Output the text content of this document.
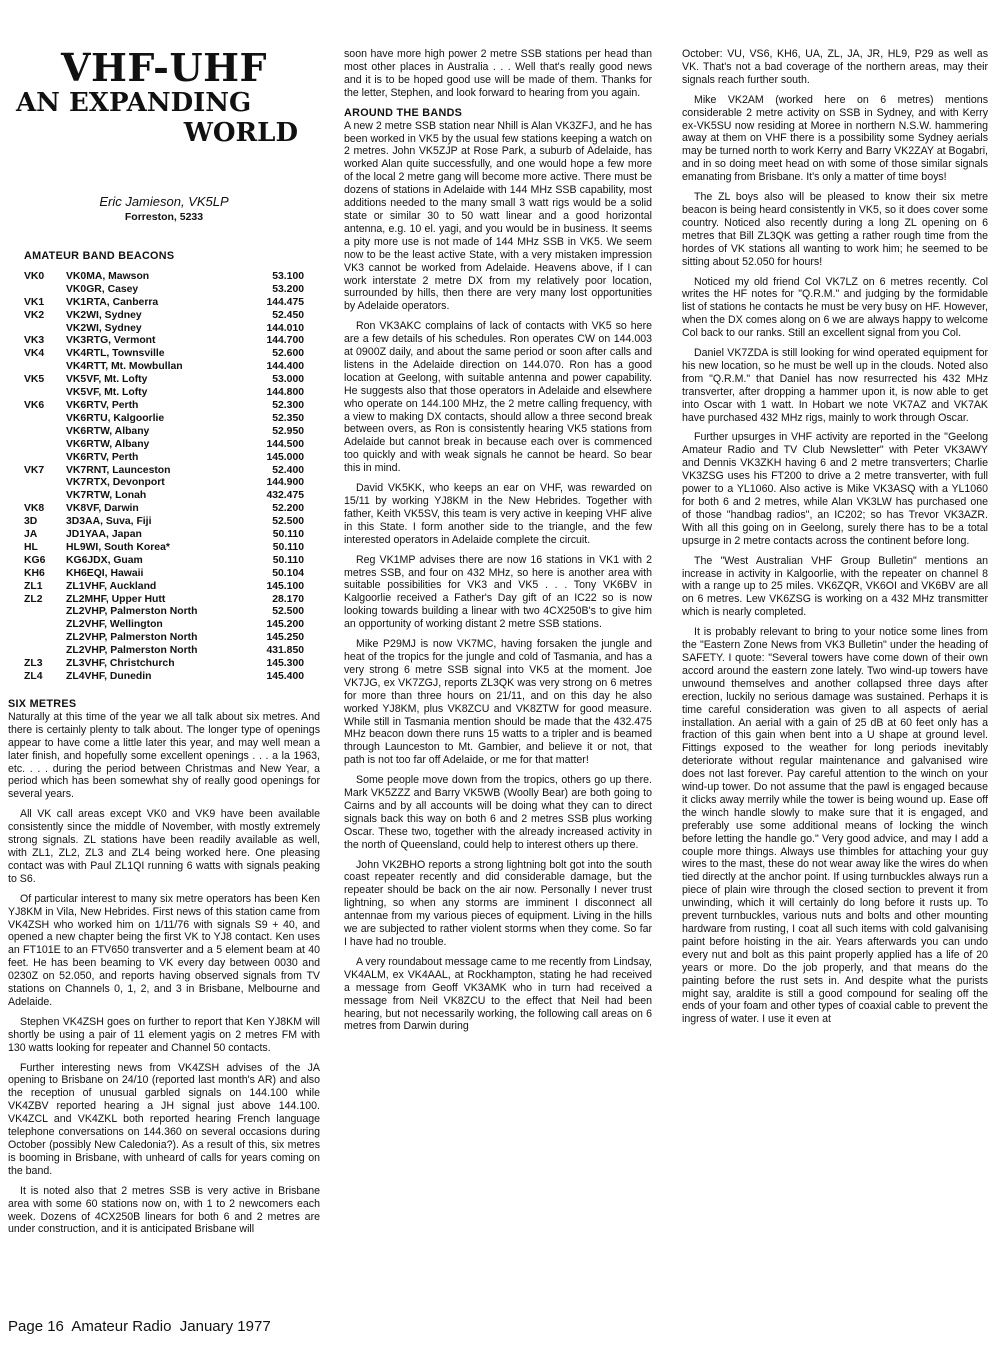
VHF-UHF
AN EXPANDING
WORLD
Eric Jamieson, VK5LP
Forreston, 5233
AMATEUR BAND BEACONS
VK0	VK0MA, Mawson	53.100
	VK0GR, Casey	53.200
VK1	VK1RTA, Canberra	144.475
VK2	VK2WI, Sydney	52.450
	VK2WI, Sydney	144.010
VK3	VK3RTG, Vermont	144.700
VK4	VK4RTL, Townsville	52.600
	VK4RTT, Mt. Mowbullan	144.400
VK5	VK5VF, Mt. Lofty	53.000
	VK5VF, Mt. Lofty	144.800
VK6	VK6RTV, Perth	52.300
	VK6RTU, Kalgoorlie	52.350
	VK6RTW, Albany	52.950
	VK6RTW, Albany	144.500
	VK6RTV, Perth	145.000
VK7	VK7RNT, Launceston	52.400
	VK7RTX, Devonport	144.900
	VK7RTW, Lonah	432.475
VK8	VK8VF, Darwin	52.200
3D	3D3AA, Suva, Fiji	52.500
JA	JD1YAA, Japan	50.110
HL	HL9WI, South Korea*	50.110
KG6	KG6JDX, Guam	50.110
KH6	KH6EQI, Hawaii	50.104
ZL1	ZL1VHF, Auckland	145.100
ZL2	ZL2MHF, Upper Hutt	28.170
	ZL2VHP, Palmerston North	52.500
	ZL2VHF, Wellington	145.200
	ZL2VHP, Palmerston North	145.250
	ZL2VHP, Palmerston North	431.850
ZL3	ZL3VHF, Christchurch	145.300
ZL4	ZL4VHF, Dunedin	145.400
SIX METRES

Naturally at this time of the year we all talk about six metres. And there is certainly plenty to talk about. The longer type of openings appear to have come a little later this year, and may well mean a later finish, and hopefully some excellent openings . . . a la 1963, etc. . . . during the period between Christmas and New Year, a period which has been somewhat shy of really good openings for several years.

All VK call areas except VK0 and VK9 have been available consistently since the middle of November, with mostly extremely strong signals. ZL stations have been readily available as well, with ZL1, ZL2, ZL3 and ZL4 being worked here. One pleasing contact was with Paul ZL1QI running 6 watts with signals peaking to S6.

Of particular interest to many six metre operators has been Ken YJ8KM in Vila, New Hebrides. First news of this station came from VK4ZSH who worked him on 1/11/76 with signals S9 + 40, and opened a new chapter being the first VK to YJ8 contact. Ken uses an FT101E to an FTV650 transverter and a 5 element beam at 40 feet. He has been beaming to VK every day between 0030 and 0230Z on 52.050, and reports having observed signals from TV stations on Channels 0, 1, 2, and 3 in Brisbane, Melbourne and Adelaide.

Stephen VK4ZSH goes on further to report that Ken YJ8KM will shortly be using a pair of 11 element yagis on 2 metres FM with 130 watts looking for repeater and Channel 50 contacts.

Further interesting news from VK4ZSH advises of the JA opening to Brisbane on 24/10 (reported last month's AR) and also the reception of unusual garbled signals on 144.100 while VK4ZBV reported hearing a JH signal just above 144.100. VK4ZCL and VK4ZKL both reported hearing French language telephone conversations on 144.360 on several occasions during October (possibly New Caledonia?). As a result of this, six metres is booming in Brisbane, with unheard of calls for years coming on the band.

It is noted also that 2 metres SSB is very active in Brisbane area with some 60 stations now on, with 1 to 2 newcomers each week. Dozens of 4CX250B linears for both 6 and 2 metres are under construction, and it is anticipated Brisbane will

soon have more high power 2 metre SSB stations per head than most other places in Australia . . . Well that's really good news and it is to be hoped good use will be made of them. Thanks for the letter, Stephen, and look forward to hearing from you again.

AROUND THE BANDS

A new 2 metre SSB station near Nhill is Alan VK3ZFJ, and he has been worked in VK5 by the usual few stations keeping a watch on 2 metres. John VK5ZJP at Rose Park, a suburb of Adelaide, has worked Alan quite successfully, and one would hope a few more of the local 2 metre gang will become more active. There must be dozens of stations in Adelaide with 144 MHz SSB capability, most additions needed to the many small 3 watt rigs would be a solid state or similar 30 to 50 watt linear and a good horizontal antenna, e.g. 10 el. yagi, and you would be in business. It seems a pity more use is not made of 144 MHz SSB in VK5. We seem now to be the least active State, with a very mistaken impression VK3 cannot be worked from Adelaide. Heavens above, if I can work interstate 2 metre DX from my relatively poor location, surrounded by hills, then there are very many lost opportunities by Adelaide operators.

Ron VK3AKC complains of lack of contacts with VK5 so here are a few details of his schedules. Ron operates CW on 144.003 at 0900Z daily, and about the same period or soon after calls and listens in the Adelaide direction on 144.070. Ron has a good location at Geelong, with suitable antenna and power capability. He suggests also that those operators in Adelaide and elsewhere who operate on 144.100 MHz, the 2 metre calling frequency, with a view to making DX contacts, should allow a three second break between overs, as Ron is consistently hearing VK5 stations from Adelaide but cannot break in because each over is commenced too quickly and with weak signals he cannot be heard. So bear this in mind.

David VK5KK, who keeps an ear on VHF, was rewarded on 15/11 by working YJ8KM in the New Hebrides. Together with father, Keith VK5SV, this team is very active in keeping VHF alive in this State. I form another side to the triangle, and the few interested operators in Adelaide complete the circuit.

Reg VK1MP advises there are now 16 stations in VK1 with 2 metres SSB, and four on 432 MHz, so here is another area with suitable possibilities for VK3 and VK5 . . . Tony VK6BV in Kalgoorlie received a Father's Day gift of an IC22 so is now looking towards building a linear with two 4CX250B's to give him an opportunity of working distant 2 metre SSB stations.

Mike P29MJ is now VK7MC, having forsaken the jungle and heat of the tropics for the jungle and cold of Tasmania, and has a very strong 6 metre SSB signal into VK5 at the moment. Joe VK7JG, ex VK7ZGJ, reports ZL3QK was very strong on 6 metres for more than three hours on 21/11, and on this day he also worked YJ8KM, plus VK8ZCU and VK8ZTW for good measure. While still in Tasmania mention should be made that the 432.475 MHz beacon down there runs 15 watts to a tripler and is beamed through Launceston to Mt. Gambier, and believe it or not, that path is not too far off Adelaide, or me for that matter!

Some people move down from the tropics, others go up there. Mark VK5ZZZ and Barry VK5WB (Woolly Bear) are both going to Cairns and by all accounts will be doing what they can to direct signals back this way on both 6 and 2 metres SSB plus working Oscar. These two, together with the already increased activity in the north of Queensland, could help to interest others up there.

John VK2BHO reports a strong lightning bolt got into the south coast repeater recently and did considerable damage, but the repeater should be back on the air now. Personally I never trust lightning, so when any storms are imminent I disconnect all antennae from my various pieces of equipment. Living in the hills we are subjected to rather violent storms when they come. So far I have had no trouble.

A very roundabout message came to me recently from Lindsay, VK4ALM, ex VK4AAL, at Rockhampton, stating he had received a message from Geoff VK3AMK who in turn had received a message from Neil VK8ZCU to the effect that Neil had been hearing, but not necessarily working, the following call areas on 6 metres from Darwin during

October: VU, VS6, KH6, UA, ZL, JA, JR, HL9, P29 as well as VK. That's not a bad coverage of the northern areas, may their signals reach further south.

Mike VK2AM (worked here on 6 metres) mentions considerable 2 metre activity on SSB in Sydney, and with Kerry ex-VK5SU now residing at Moree in northern N.S.W. hammering away at them on VHF there is a possibility some Sydney aerials may be turned north to work Kerry and Barry VK2ZAY at Bogabri, and in so doing meet head on with some of those similar signals emanating from Brisbane. It's only a matter of time boys!

The ZL boys also will be pleased to know their six metre beacon is being heard consistently in VK5, so it does cover some country. Noticed also recently during a long ZL opening on 6 metres that Bill ZL3QK was getting a rather rough time from the hordes of VK stations all wanting to work him; he seemed to be sitting about 52.050 for hours!

Noticed my old friend Col VK7LZ on 6 metres recently. Col writes the HF notes for "Q.R.M." and judging by the formidable list of stations he contacts he must be very busy on HF. However, when the DX comes along on 6 we are always happy to welcome Col back to our ranks. Still an excellent signal from you Col.

Daniel VK7ZDA is still looking for wind operated equipment for his new location, so he must be well up in the clouds. Noted also from "Q.R.M." that Daniel has now resurrected his 432 MHz transverter, after dropping a hammer upon it, is now able to get into Oscar with 1 watt. In Hobart we note VK7AZ and VK7AK have purchased 432 MHz rigs, mainly to work through Oscar.

Further upsurges in VHF activity are reported in the "Geelong Amateur Radio and TV Club Newsletter" with Peter VK3AWY and Dennis VK3ZKH having 6 and 2 metre transverters; Charlie VK3ZSG uses his FT200 to drive a 2 metre transverter, with full power to a YL1060. Also active is Mike VK3ASQ with a YL1060 for both 6 and 2 metres, while Alan VK3LW has purchased one of those "handbag radios", an IC202; so has Trevor VK3AZR. With all this going on in Geelong, surely there has to be a total upsurge in 2 metre contacts across the continent before long.

The "West Australian VHF Group Bulletin" mentions an increase in activity in Kalgoorlie, with the repeater on channel 8 with a range up to 25 miles. VK6ZQR, VK6OI and VK6BV are all on 6 metres. Lew VK6ZSG is working on a 432 MHz transmitter which is nearly completed.

It is probably relevant to bring to your notice some lines from the "Eastern Zone News from VK3 Bulletin" under the heading of SAFETY. I quote: "Several towers have come down of their own accord around the eastern zone lately. Two wind-up towers have unwound themselves and another collapsed three days after erection, luckily no serious damage was sustained. Perhaps it is time careful consideration was given to all aspects of aerial installation. An aerial with a gain of 25 dB at 60 feet only has a fraction of this gain when bent into a U shape at ground level. Fittings exposed to the weather for long periods inevitably deteriorate without regular maintenance and galvanised wire does not last forever. Pay careful attention to the winch on your wind-up tower. Do not assume that the pawl is engaged because it clicks away merrily while the tower is being wound up. Ease off the winch handle slowly to make sure that it is engaged, and preferably use some additional means of locking the winch before letting the handle go." Very good advice, and may I add a couple more things. Always use thimbles for attaching your guy wires to the mast, these do not wear away like the wires do when tied directly at the anchor point. If using turnbuckles always run a piece of plain wire through the closed section to prevent it from unwinding, which it will certainly do long before it rusts up. To prevent turnbuckles, various nuts and bolts and other mounting hardware from rusting, I coat all such items with cold galvanising paint before hoisting in the air. Years afterwards you can undo every nut and bolt as this paint properly applied has a life of 20 years or more. Do the job properly, and that means do the painting before the rust sets in. And despite what the purists might say, araldite is still a good compound for sealing off the ends of your foam and other types of coaxial cable to prevent the ingress of water. I use it even at

Page 16  Amateur Radio  January 1977
